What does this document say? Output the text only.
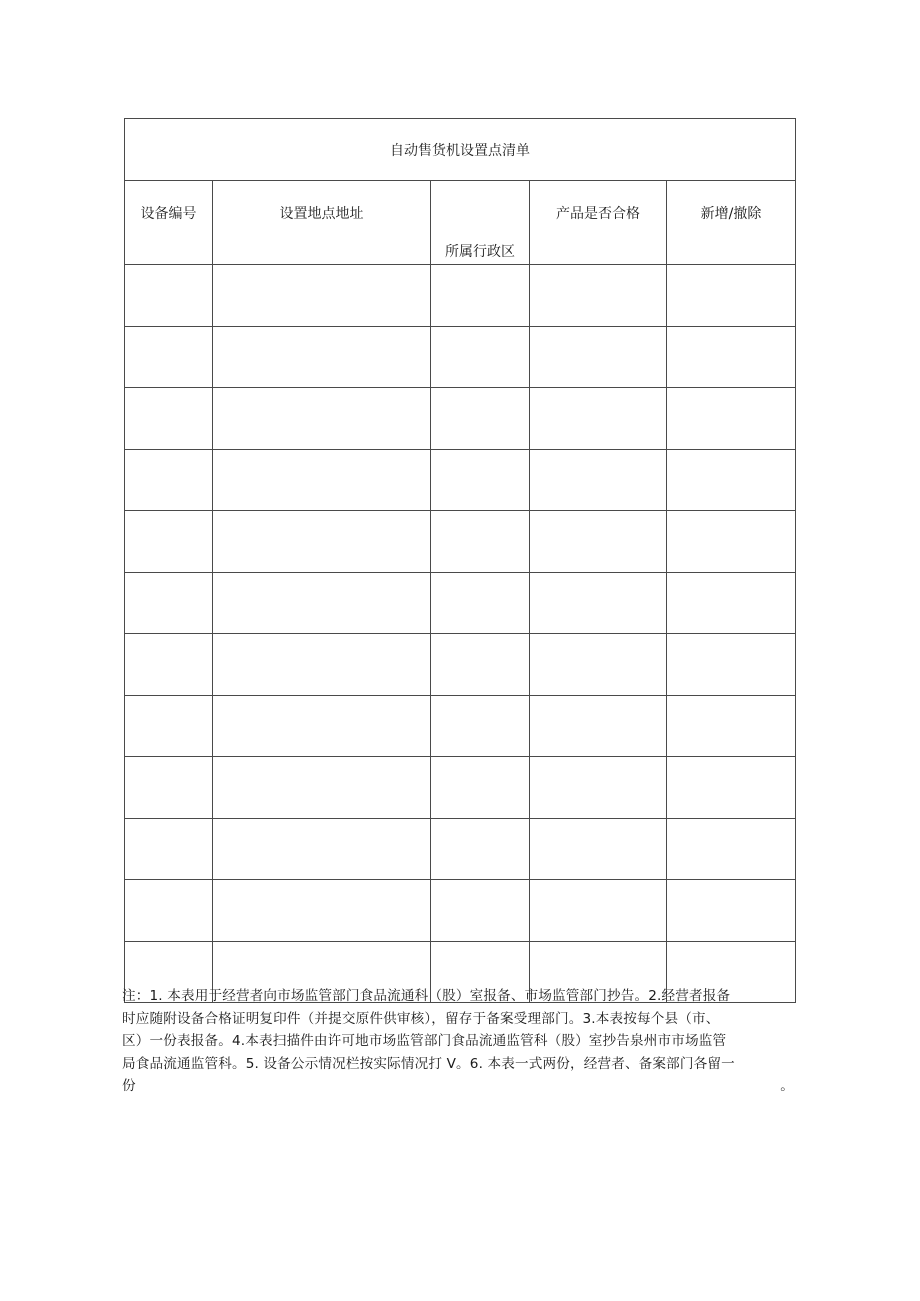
自动售货机设置点清单				
设备编号	设置地点地址	所属行政区	产品是否合格	新增/撤除

注：1. 本表用于经营者向市场监管部门食品流通科（股）室报备、市场监管部门抄告。2.经营者报备
时应随附设备合格证明复印件（并提交原件供审核），留存于备案受理部门。3.本表按每个县（市、
区）一份表报备。4.本表扫描件由许可地市场监管部门食品流通监管科（股）室抄告泉州市市场监管
局食品流通监管科。5. 设备公示情况栏按实际情况打 V。6. 本表一式两份，经营者、备案部门各留一
份	。
